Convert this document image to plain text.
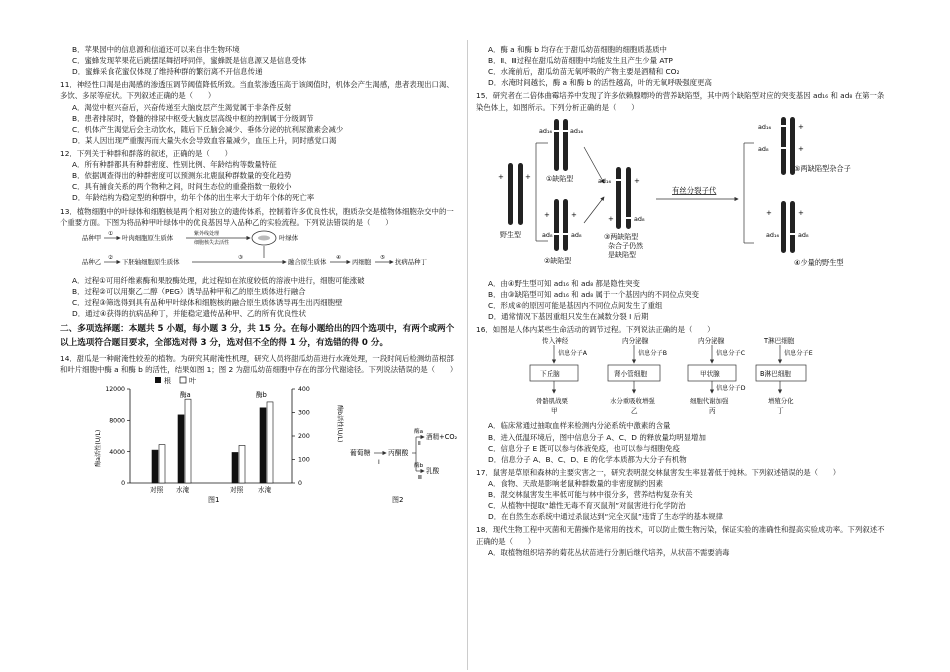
B．苹果园中的信息源和信道还可以来自非生物环境

C．蜜蜂发现苹果花后跳摆尾舞招呼同伴，蜜蜂既是信息源又是信息受体

D．蜜蜂采食花蜜仅体现了维持种群的繁衍离不开信息传递

11．神经性口渴是由渴感的渗透压调节阈值降低所致。当血浆渗透压高于该阈值时，机体会产生渴感，患者表现出口渴、多饮、多尿等症状。下列叙述正确的是（　　）

A．渴觉中枢兴奋后，兴奋传递至大脑皮层产生渴觉属于非条件反射

B．患者排尿时，脊髓的排尿中枢受大脑皮层高级中枢的控制属于分级调节

C．机体产生渴觉后会主动饮水，随后下丘脑会减少、垂体分泌的抗利尿激素会减少

D．某人因出现严重腹泻而大量失水会导致血容量减少，血压上升，同时感觉口渴

12．下列关于种群和群落的叙述，正确的是（　　）

A．所有种群都具有种群密度、性别比例、年龄结构等数量特征

B．依据调查得出的种群密度可以预测东北鹿鼠种群数量的变化趋势

C．具有捕食关系的两个物种之间，时间生态位的重叠指数一般较小

D．年龄结构为稳定型的种群中，幼年个体的出生率大于幼年个体的死亡率

13．植物细胞中的叶绿体和细胞核是两个相对独立的遗传体系，控制着许多优良性状，胞质杂交是植物体细胞杂交中的一个重要方面。下图为将品种甲叶绿体中的优良基因导入品种乙的实验流程。下列说法错误的是（　　）

品种甲 ① 叶肉细胞原生质体	紫外线处理
细胞核失去活性
叶绿体
品种乙 ② 下胚轴细胞原生质体	③	融合原生质体 ④ 丙细胞 ⑤ 抗病品种丁

A．过程①可用纤维素酶和果胶酶处理，此过程如在浓度较低的溶液中进行，细胞可能涨破

B．过程②可以用聚乙二醇（PEG）诱导品种甲和乙的原生质体进行融合

C．过程③筛选得到具有品种甲叶绿体和细胞核的融合原生质体诱导再生出丙细胞壁

D．通过④获得的抗病品种丁，并能稳定遗传品种甲、乙的所有优良性状

二、多项选择题：本题共 5 小题，每小题 3 分，共 15 分。在每小题给出的四个选项中，有两个或两个以上选项符合题目要求，全部选对得 3 分，选对但不全的得 1 分，有选错的得 0 分。

14．甜瓜是一种耐淹性较差的植物。为研究其耐淹性机理，研究人员将甜瓜幼苗进行水淹处理，一段时间后检测幼苗根部和叶片细胞中酶 a 和酶 b 的活性，结果如图 1；图 2 为甜瓜幼苗细胞中存在的部分代谢途径。下列说法错误的是（　　）

根	叶
酶a活性(U/L)
酶b活性(U/L)
0
4000
8000
12000
0
100
200
300
400
酶a	酶b
对照 水淹	对照 水淹
图1
葡萄糖
Ⅰ
丙酮酸
酶a
Ⅱ
酶b
Ⅲ
酒精+CO₂
乳酸
图2

A．酶 a 和酶 b 均存在于甜瓜幼苗细胞的细胞质基质中

B．Ⅱ、Ⅲ过程在甜瓜幼苗细胞中均能发生且产生少量 ATP

C．水淹前后，甜瓜幼苗无氧呼吸的产物主要是酒精和 CO₂

D．水淹时间越长，酶 a 和酶 b 的活性越高，叶的无氧呼吸强度更高

15．研究者在二倍体曲霉培养中发现了许多依赖腺嘌呤的营养缺陷型，其中两个缺陷型对应的突变基因 ad₁₆ 和 ad₈ 在第一条染色体上，如图所示。下列分析正确的是（　　）

+	+
野生型
ad₁₆	ad₁₆
①缺陷型
+	+
ad₈	ad₈
②缺陷型
ad₁₆	+
+	ad₈
③两缺陷型
杂合子仍然
是缺陷型
有丝分裂子代
ad₁₆
ad₈
+
+
⑤两缺陷型杂合子
+
ad₁₆
+
ad₈
④少量的野生型

A．由④野生型可知 ad₁₆ 和 ad₈ 都是隐性突变

B．由③缺陷型可知 ad₁₆ 和 ad₈ 属于一个基因内的不同位点突变

C．形成④的原因可能是基因内不同位点间发生了重组

D．通常情况下基因重组只发生在减数分裂 I 后期

16．如图是人体内某些生命活动的调节过程。下列说法正确的是（　　）

传入神经
信息分子A
下丘脑
骨骼肌战栗
甲
内分泌腺
信息分子B
肾小管细胞
水分重吸收增强
乙
内分泌腺
信息分子C
甲状腺
信息分子D
细胞代谢加强
丙
T淋巴细胞
信息分子E
B淋巴细胞
增殖分化
丁

A．临床常通过抽取血样来检测内分泌系统中激素的含量

B．进入低温环境后，图中信息分子 A、C、D 的释放量均明显增加

C．信息分子 E 既可以参与体液免疫，也可以参与细胞免疫

D．信息分子 A、B、C、D、E 的化学本质都为大分子有机物

17．鼠害是草原和森林的主要灾害之一，研究表明混交林鼠害发生率显著低于纯林。下列叙述错误的是（　　）

A．食物、天敌是影响老鼠种群数量的非密度制约因素

B．混交林鼠害发生率低可能与林中很分多，营养结构复杂有关

C．从植物中提取“雄性无毒不育灭鼠剂”对鼠害进行化学防治

D．在自然生态系统中通过杀鼠达到“完全灭鼠”违背了生态学的基本规律

18．现代生物工程中灭菌和无菌操作是常用的技术，可以防止微生物污染，保证实验的准确性和提高实验成功率。下列叙述不正确的是（　　）

A．取植物组织培养的菊花丛状苗进行分割后继代培养，从状苗不需要消毒
